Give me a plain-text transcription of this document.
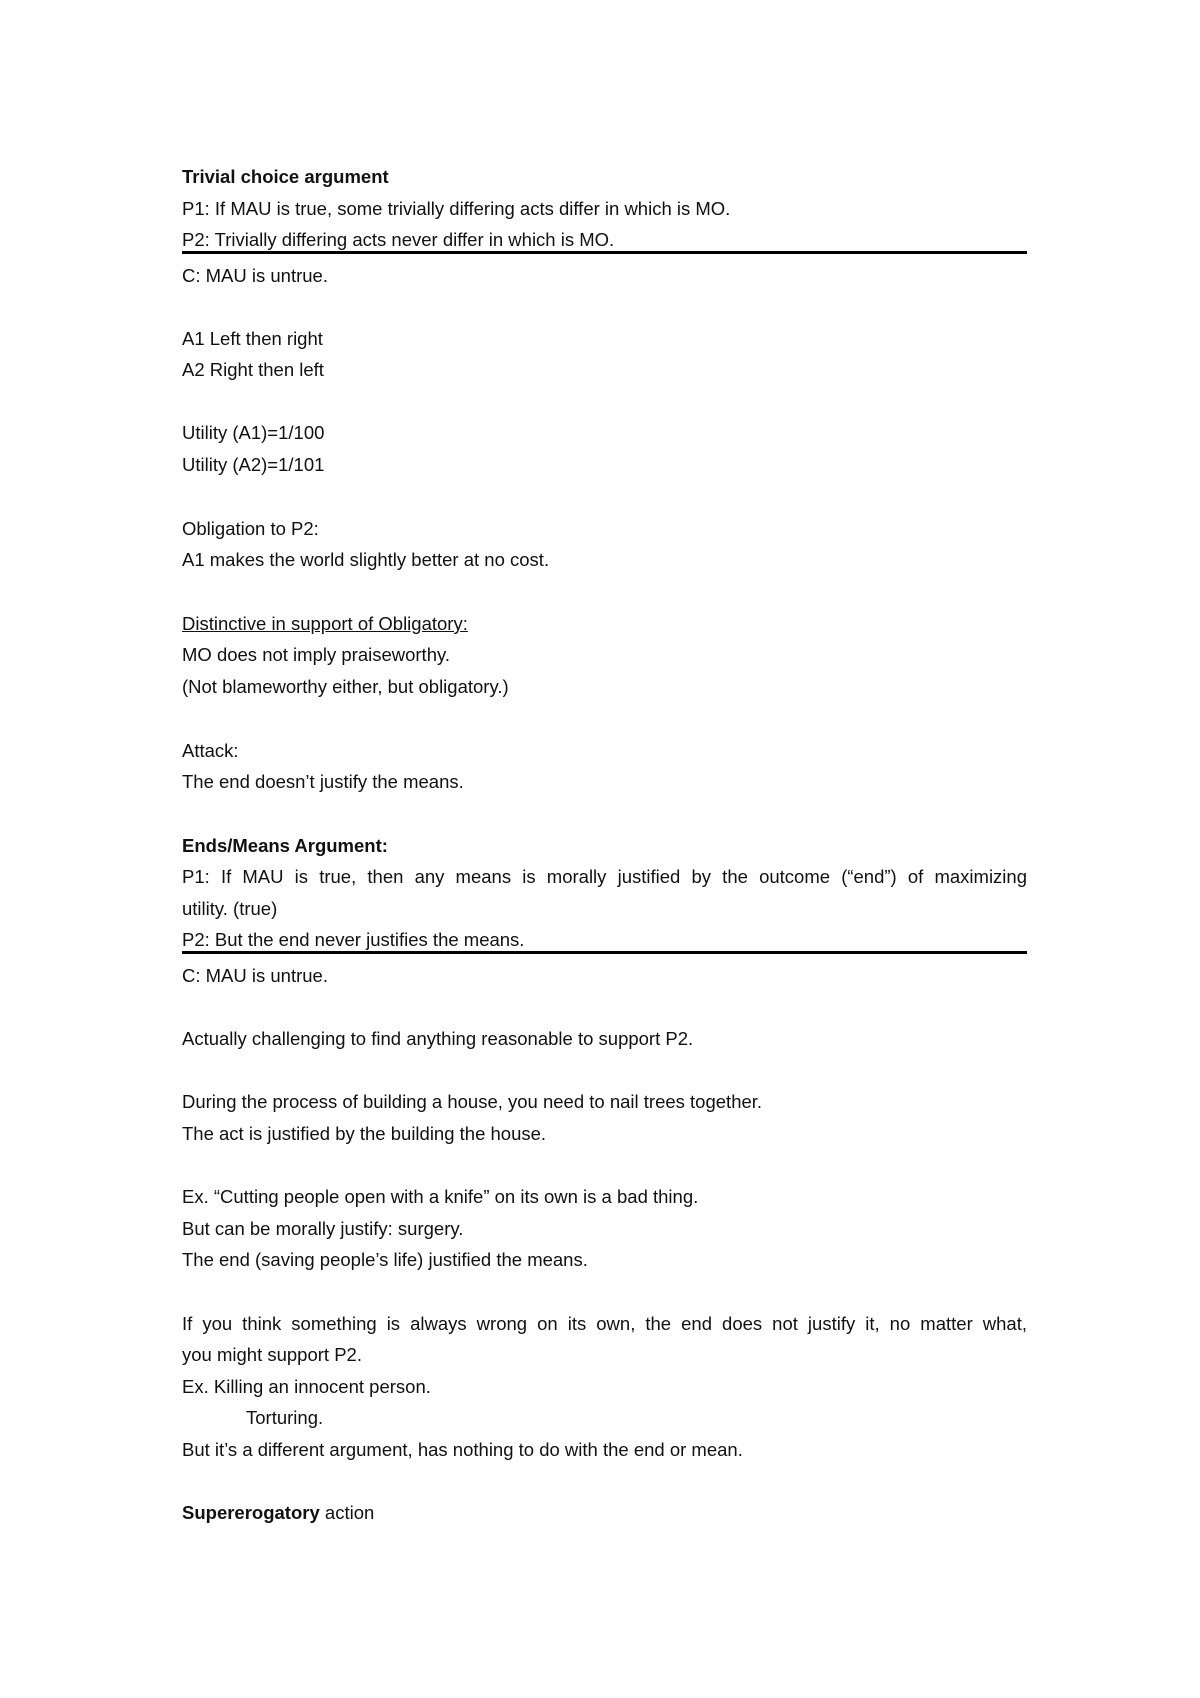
Trivial choice argument
P1: If MAU is true, some trivially differing acts differ in which is MO.
P2: Trivially differing acts never differ in which is MO.
C: MAU is untrue.
A1 Left then right
A2 Right then left
Utility (A1)=1/100
Utility (A2)=1/101
Obligation to P2:
A1 makes the world slightly better at no cost.
Distinctive in support of Obligatory:
MO does not imply praiseworthy.
(Not blameworthy either, but obligatory.)
Attack:
The end doesn’t justify the means.
Ends/Means Argument:
P1: If MAU is true, then any means is morally justified by the outcome (“end”) of maximizing
utility. (true)
P2: But the end never justifies the means.
C: MAU is untrue.
Actually challenging to find anything reasonable to support P2.
During the process of building a house, you need to nail trees together.
The act is justified by the building the house.
Ex. “Cutting people open with a knife” on its own is a bad thing.
But can be morally justify: surgery.
The end (saving people’s life) justified the means.
If you think something is always wrong on its own, the end does not justify it, no matter what,
you might support P2.
Ex. Killing an innocent person.
Torturing.
But it’s a different argument, has nothing to do with the end or mean.
Supererogatory action
